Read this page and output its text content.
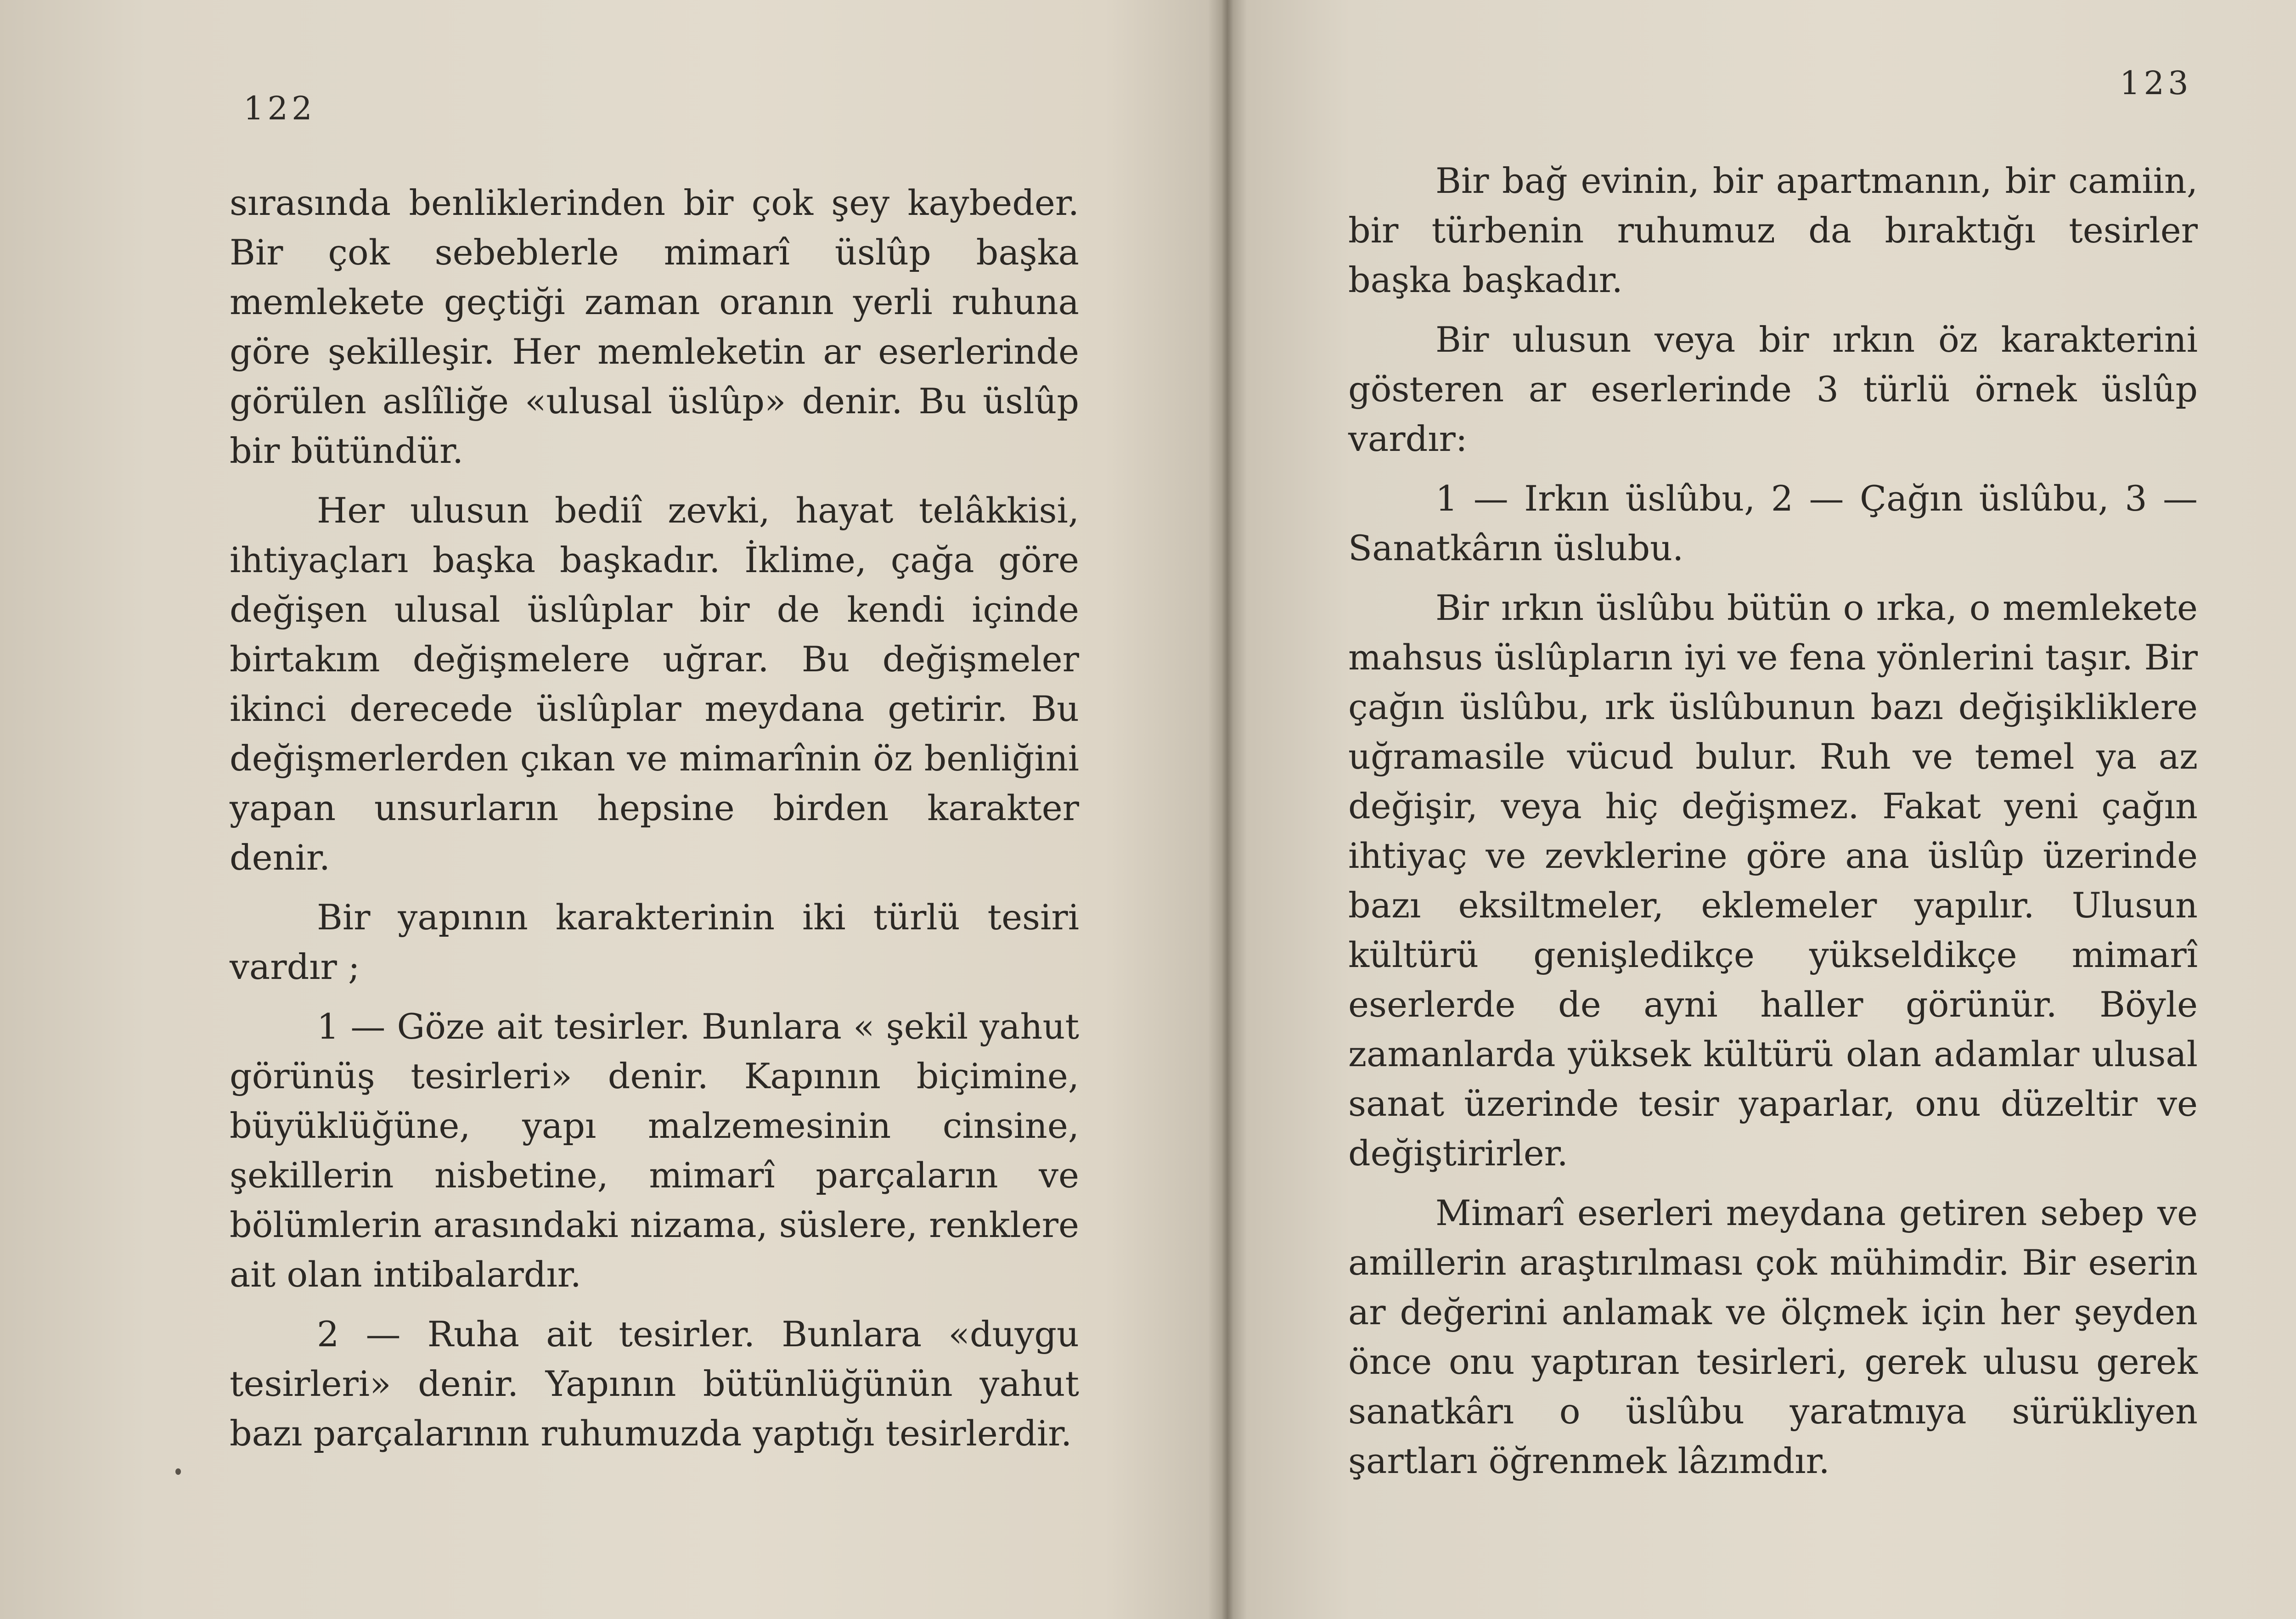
122

sırasında benliklerinden bir çok şey kaybeder. Bir çok sebeblerle mimarî üslûp başka memlekete geçtiği zaman oranın yerli ruhuna göre şekilleşir. Her memleketin ar eserlerinde görülen aslîliğe «ulusal üslûp» denir. Bu üslûp bir bütündür.

Her ulusun bediî zevki, hayat telâkkisi, ihtiyaçları başka başkadır. İklime, çağa göre değişen ulusal üslûplar bir de kendi içinde birtakım değişmelere uğrar. Bu değişmeler ikinci derecede üslûplar meydana getirir. Bu değişmerlerden çıkan ve mimarînin öz benliğini yapan unsurların hepsine birden karakter denir.

Bir yapının karakterinin iki türlü tesiri vardır ;

1 — Göze ait tesirler. Bunlara « şekil yahut görünüş tesirleri» denir. Kapının biçimine, büyüklüğüne, yapı malzemesinin cinsine, şekillerin nisbetine, mimarî parçaların ve bölümlerin arasındaki nizama, süslere, renklere ait olan intibalardır.

2 — Ruha ait tesirler. Bunlara «duygu tesirleri» denir. Yapının bütünlüğünün yahut bazı parçalarının ruhumuzda yaptığı tesirlerdir.

123

Bir bağ evinin, bir apartmanın, bir camiin, bir türbenin ruhumuz da bıraktığı tesirler başka başkadır.

Bir ulusun veya bir ırkın öz karakterini gösteren ar eserlerinde 3 türlü örnek üslûp vardır:

1 — Irkın üslûbu, 2 — Çağın üslûbu, 3 — Sanatkârın üslubu.

Bir ırkın üslûbu bütün o ırka, o memlekete mahsus üslûpların iyi ve fena yönlerini taşır. Bir çağın üslûbu, ırk üslûbunun bazı değişikliklere uğramasile vücud bulur. Ruh ve temel ya az değişir, veya hiç değişmez. Fakat yeni çağın ihtiyaç ve zevklerine göre ana üslûp üzerinde bazı eksiltmeler, eklemeler yapılır. Ulusun kültürü genişledikçe yükseldikçe mimarî eserlerde de ayni haller görünür. Böyle zamanlarda yüksek kültürü olan adamlar ulusal sanat üzerinde tesir yaparlar, onu düzeltir ve değiştirirler.

Mimarî eserleri meydana getiren sebep ve amillerin araştırılması çok mühimdir. Bir eserin ar değerini anlamak ve ölçmek için her şeyden önce onu yaptıran tesirleri, gerek ulusu gerek sanatkârı o üslûbu yaratmıya sürükliyen şartları öğrenmek lâzımdır.
